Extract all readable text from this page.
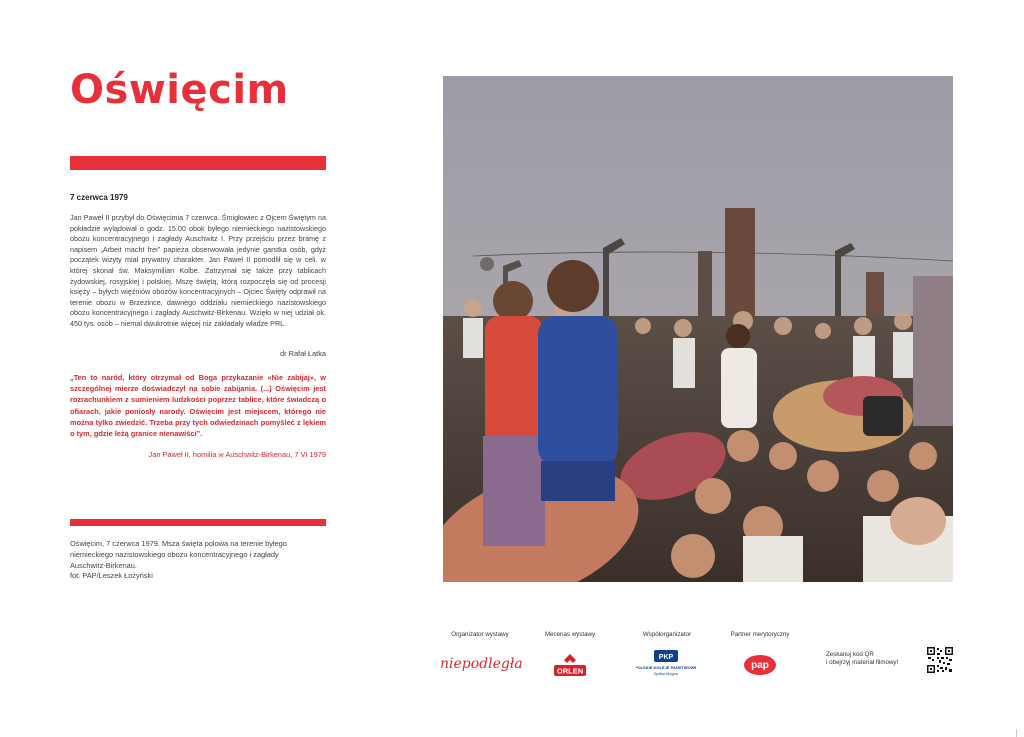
Oświęcim
7 czerwca 1979
Jan Paweł II przybył do Oświęcimia 7 czerwca. Śmigłowiec z Ojcem Świętym na pokładzie wylądował o godz. 15.00 obok byłego niemieckiego nazistowskiego obozu koncentracyjnego i zagłady Auschwitz I. Przy przejściu przez bramę z napisem „Arbeit macht frei” papieża obserwowała jedynie garstka osób, gdyż początek wizyty miał prywatny charakter. Jan Paweł II pomodlił się w celi, w której skonał św. Maksymilian Kolbe. Zatrzymał się także przy tablicach żydowskiej, rosyjskiej i polskiej. Mszę świętą, którą rozpoczęła się od procesji księży – byłych więźniów obozów koncentracyjnych – Ojciec Święty odprawił na terenie obozu w Brzezince, dawnego oddziału niemieckiego nazistowskiego obozu koncentracyjnego i zagłady Auschwitz-Birkenau. Wzięło w niej udział ok. 450 tys. osób – niemal dwukrotnie więcej niż zakładały władze PRL.
dr Rafał Łatka
„Ten to naród, który otrzymał od Boga przykazanie «Nie zabijaj», w szczególnej mierze doświadczył na sobie zabijania. (...) Oświęcim jest rozrachunkiem z sumieniem ludzkości poprzez tablice, które świadczą o ofiarach, jakie poniosły narody. Oświęcim jest miejscem, którego nie można tylko zwiedzić. Trzeba przy tych odwiedzinach pomyśleć z lękiem o tym, gdzie leżą granice nienawiści”.
Jan Paweł II, homilia w Auschwitz-Birkenau, 7 VI 1979
Oświęcim, 7 czerwca 1979. Msza święta polowa na terenie byłego
niemieckiego nazistowskiego obozu koncentracyjnego i zagłady
Auschwitz-Birkenau.
fot. PAP/Leszek Łożyński
Organizator wystawy
niepodległa
Mecenas wystawy
ORLEN
Współorganizator
PKP
POLSKIE KOLEJE PAŃSTWOWE
Spółka Akcyjna
Partner merytoryczny
pap
Zeskanuj kod QR
i obejrzyj materiał filmowy!
